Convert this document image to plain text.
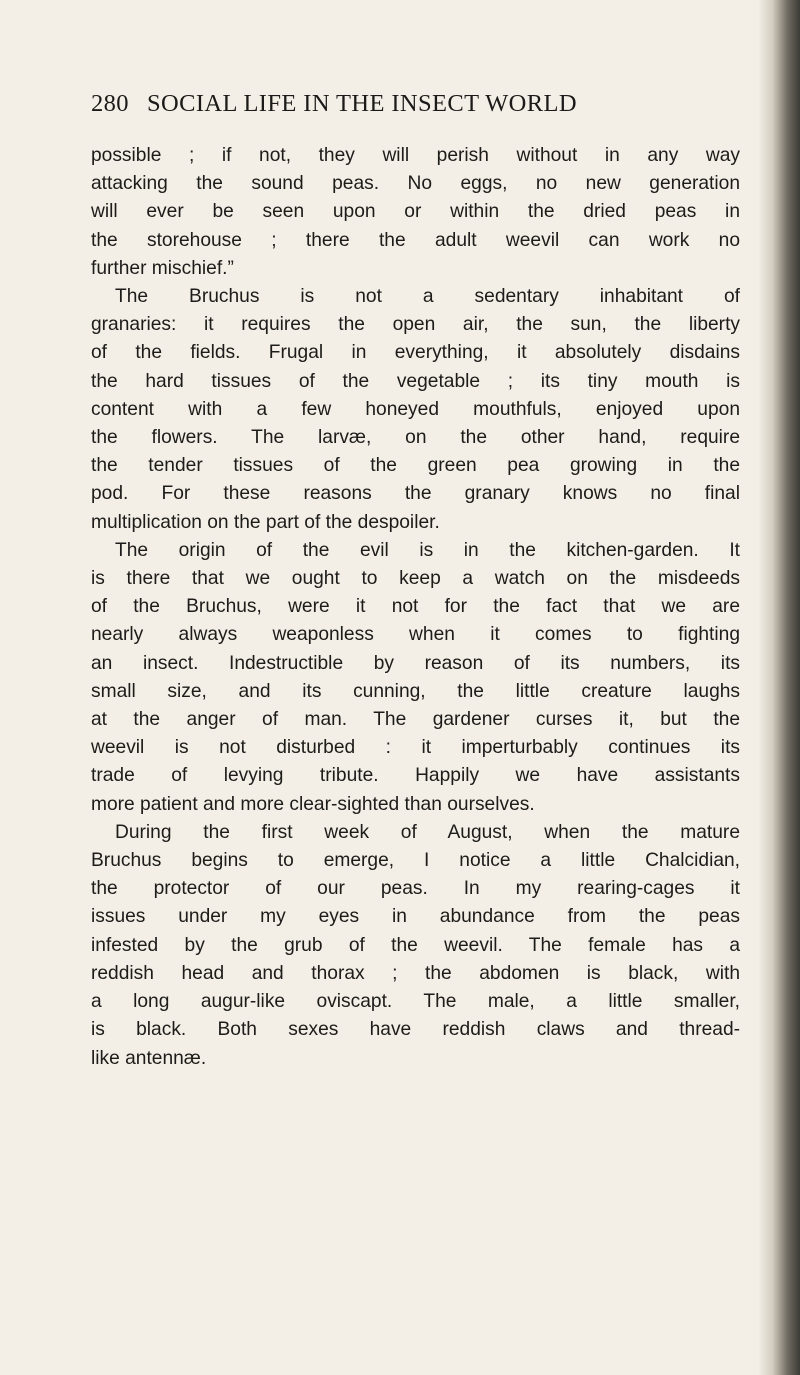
280 SOCIAL LIFE IN THE INSECT WORLD

possible ; if not, they will perish without in any way
attacking the sound peas. No eggs, no new generation
will ever be seen upon or within the dried peas in
the storehouse ; there the adult weevil can work no
further mischief.”

The Bruchus is not a sedentary inhabitant of
granaries: it requires the open air, the sun, the liberty
of the fields. Frugal in everything, it absolutely disdains
the hard tissues of the vegetable ; its tiny mouth is
content with a few honeyed mouthfuls, enjoyed upon
the flowers. The larvæ, on the other hand, require
the tender tissues of the green pea growing in the
pod. For these reasons the granary knows no final
multiplication on the part of the despoiler.

The origin of the evil is in the kitchen-garden. It
is there that we ought to keep a watch on the misdeeds
of the Bruchus, were it not for the fact that we are
nearly always weaponless when it comes to fighting
an insect. Indestructible by reason of its numbers, its
small size, and its cunning, the little creature laughs
at the anger of man. The gardener curses it, but the
weevil is not disturbed : it imperturbably continues its
trade of levying tribute. Happily we have assistants
more patient and more clear-sighted than ourselves.

During the first week of August, when the mature
Bruchus begins to emerge, I notice a little Chalcidian,
the protector of our peas. In my rearing-cages it
issues under my eyes in abundance from the peas
infested by the grub of the weevil. The female has a
reddish head and thorax ; the abdomen is black, with
a long augur-like oviscapt. The male, a little smaller,
is black. Both sexes have reddish claws and thread-
like antennæ.
